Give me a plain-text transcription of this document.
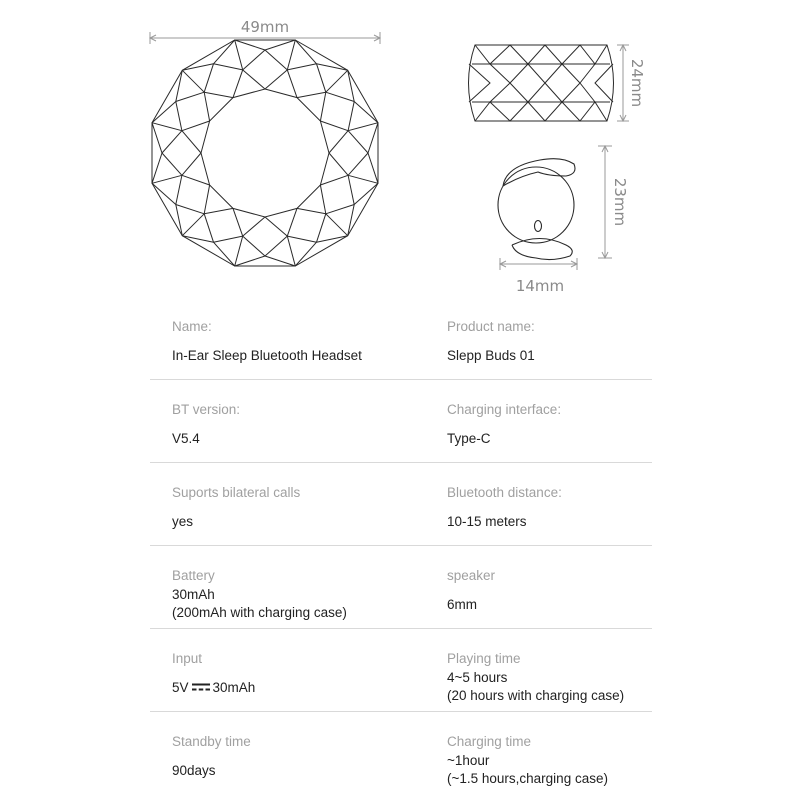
49mm
24mm
23mm
14mm
Name:
In-Ear Sleep Bluetooth Headset
Product name:
Slepp Buds 01
BT version:
V5.4
Charging interface:
Type-C
Suports bilateral calls
yes
Bluetooth distance:
10-15 meters
Battery
30mAh
(200mAh with charging case)
speaker
6mm
Input
5V 30mAh
Playing time
4~5 hours
(20 hours with charging case)
Standby time
90days
Charging time
~1hour
(~1.5 hours,charging case)
